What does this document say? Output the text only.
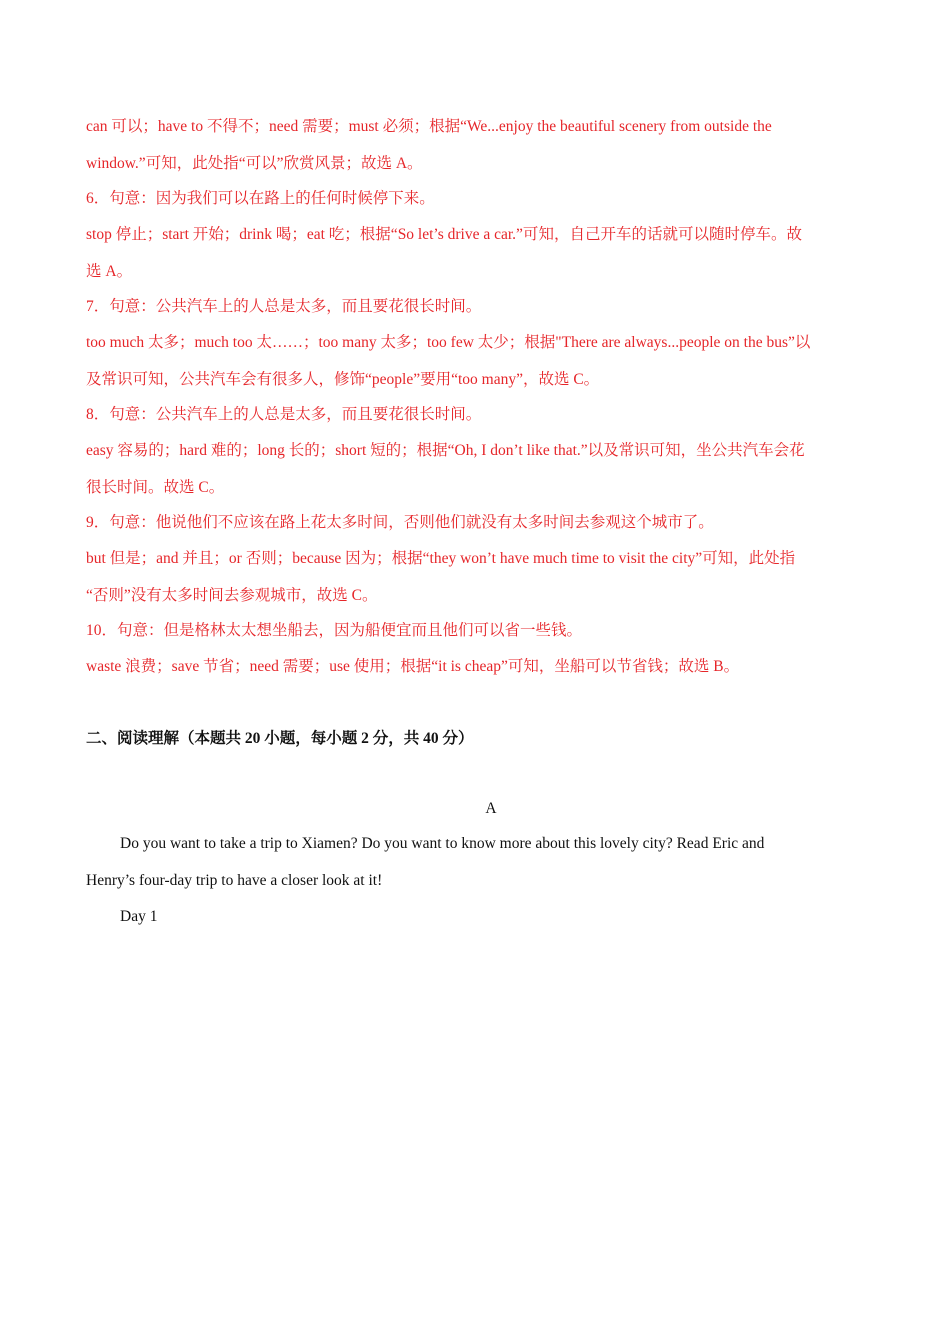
can 可以；have to 不得不；need 需要；must 必须；根据“We...enjoy the beautiful scenery from outside the
window.”可知，此处指“可以”欣赏风景；故选 A。
6．句意：因为我们可以在路上的任何时候停下来。
stop 停止；start 开始；drink 喝；eat 吃；根据“So let’s drive a car.”可知，自己开车的话就可以随时停车。故
选 A。
7．句意：公共汽车上的人总是太多，而且要花很长时间。
too much 太多；much too 太……；too many 太多；too few 太少；根据"There are always...people on the bus”以
及常识可知，公共汽车会有很多人，修饰“people”要用“too many”，故选 C。
8．句意：公共汽车上的人总是太多，而且要花很长时间。
easy 容易的；hard 难的；long 长的；short 短的；根据“Oh, I don’t like that.”以及常识可知，坐公共汽车会花
很长时间。故选 C。
9．句意：他说他们不应该在路上花太多时间，否则他们就没有太多时间去参观这个城市了。
but 但是；and 并且；or 否则；because 因为；根据“they won’t have much time to visit the city”可知，此处指
“否则”没有太多时间去参观城市，故选 C。
10．句意：但是格林太太想坐船去，因为船便宜而且他们可以省一些钱。
waste 浪费；save 节省；need 需要；use 使用；根据“it is cheap”可知，坐船可以节省钱；故选 B。
二、阅读理解（本题共 20 小题，每小题 2 分，共 40 分）
A
Do you want to take a trip to Xiamen? Do you want to know more about this lovely city? Read Eric and
Henry’s four-day trip to have a closer look at it!
Day 1
